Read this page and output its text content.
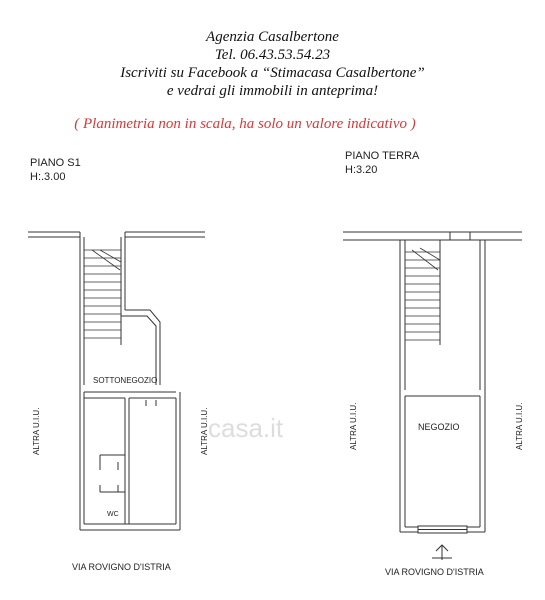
Agenzia Casalbertone
Tel. 06.43.53.54.23
Iscriviti su Facebook a “Stimacasa Casalbertone”
e vedrai gli immobili in anteprima!
( Planimetria non in scala, ha solo un valore indicativo )
PIANO S1
H:.3.00
PIANO TERRA
H:3.20
SOTTONEGOZIO
WC
NEGOZIO
ALTRA U.I.U.	ALTRA U.I.U.	ALTRA U.I.U.	ALTRA U.I.U.
VIA ROVIGNO D'ISTRIA	VIA ROVIGNO D'ISTRIA
casa.it
